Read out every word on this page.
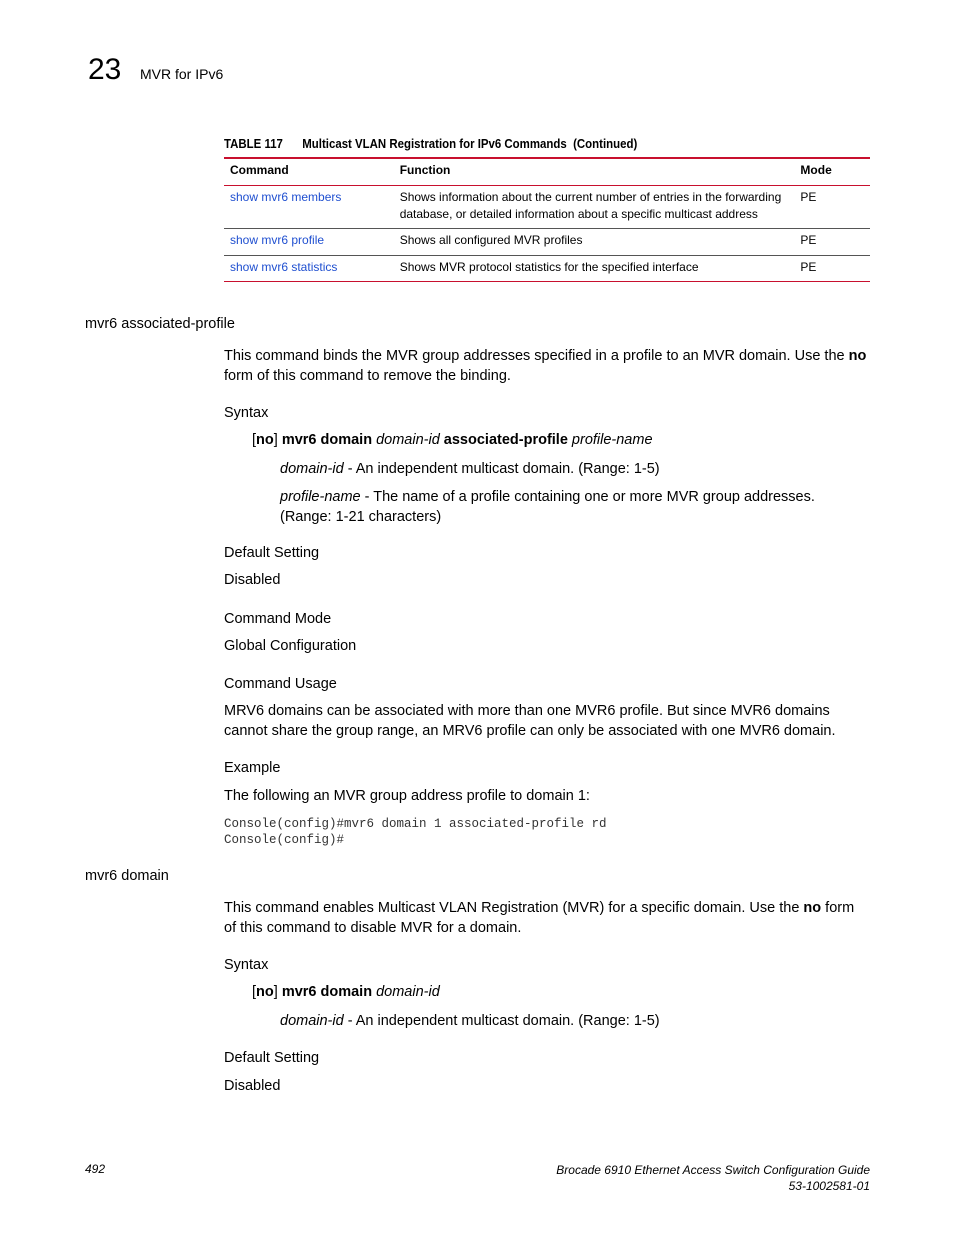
23 MVR for IPv6
TABLE 117 Multicast VLAN Registration for IPv6 Commands (Continued)
Command	Function	Mode
show mvr6 members	Shows information about the current number of entries in the forwarding database, or detailed information about a specific multicast address	PE
show mvr6 profile	Shows all configured MVR profiles	PE
show mvr6 statistics	Shows MVR protocol statistics for the specified interface	PE
mvr6 associated-profile
This command binds the MVR group addresses specified in a profile to an MVR domain. Use the no form of this command to remove the binding.
Syntax
[no] mvr6 domain domain-id associated-profile profile-name
domain-id - An independent multicast domain. (Range: 1-5)
profile-name - The name of a profile containing one or more MVR group addresses. (Range: 1-21 characters)
Default Setting
Disabled
Command Mode
Global Configuration
Command Usage
MRV6 domains can be associated with more than one MVR6 profile. But since MVR6 domains cannot share the group range, an MRV6 profile can only be associated with one MVR6 domain.
Example
The following an MVR group address profile to domain 1:
Console(config)#mvr6 domain 1 associated-profile rd
Console(config)#
mvr6 domain
This command enables Multicast VLAN Registration (MVR) for a specific domain. Use the no form of this command to disable MVR for a domain.
Syntax
[no] mvr6 domain domain-id
domain-id - An independent multicast domain. (Range: 1-5)
Default Setting
Disabled
492	Brocade 6910 Ethernet Access Switch Configuration Guide
53-1002581-01
